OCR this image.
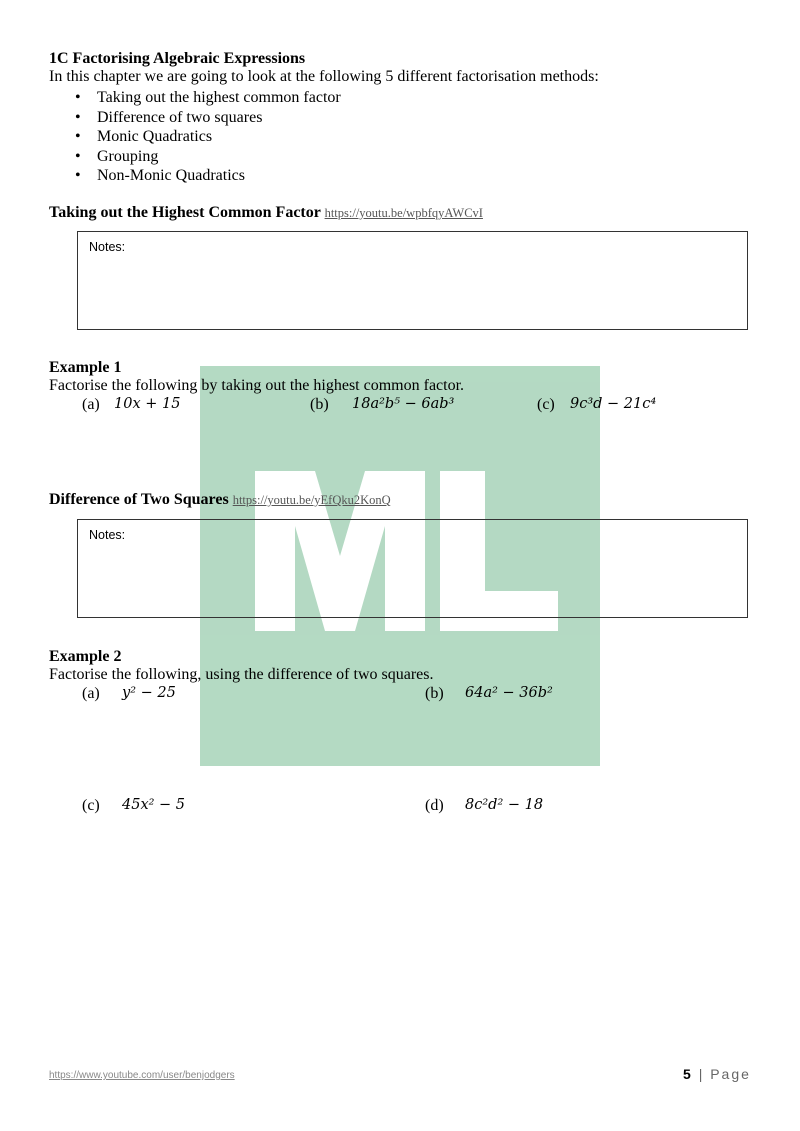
1C Factorising Algebraic Expressions
In this chapter we are going to look at the following 5 different factorisation methods:
• Taking out the highest common factor
• Difference of two squares
• Monic Quadratics
• Grouping
• Non-Monic Quadratics
Taking out the Highest Common Factor https://youtu.be/wpbfqyAWCvI
Notes:
Example 1
Factorise the following by taking out the highest common factor.
(a) 10x + 15	(b) 18a²b⁵ − 6ab³	(c) 9c³d − 21c⁴
Difference of Two Squares https://youtu.be/yEfQku2KonQ
Notes:
Example 2
Factorise the following, using the difference of two squares.
(a) y² − 25	(b) 64a² − 36b²
(c) 45x² − 5	(d) 8c²d² − 18
https://www.youtube.com/user/benjodgers	5 | Page
